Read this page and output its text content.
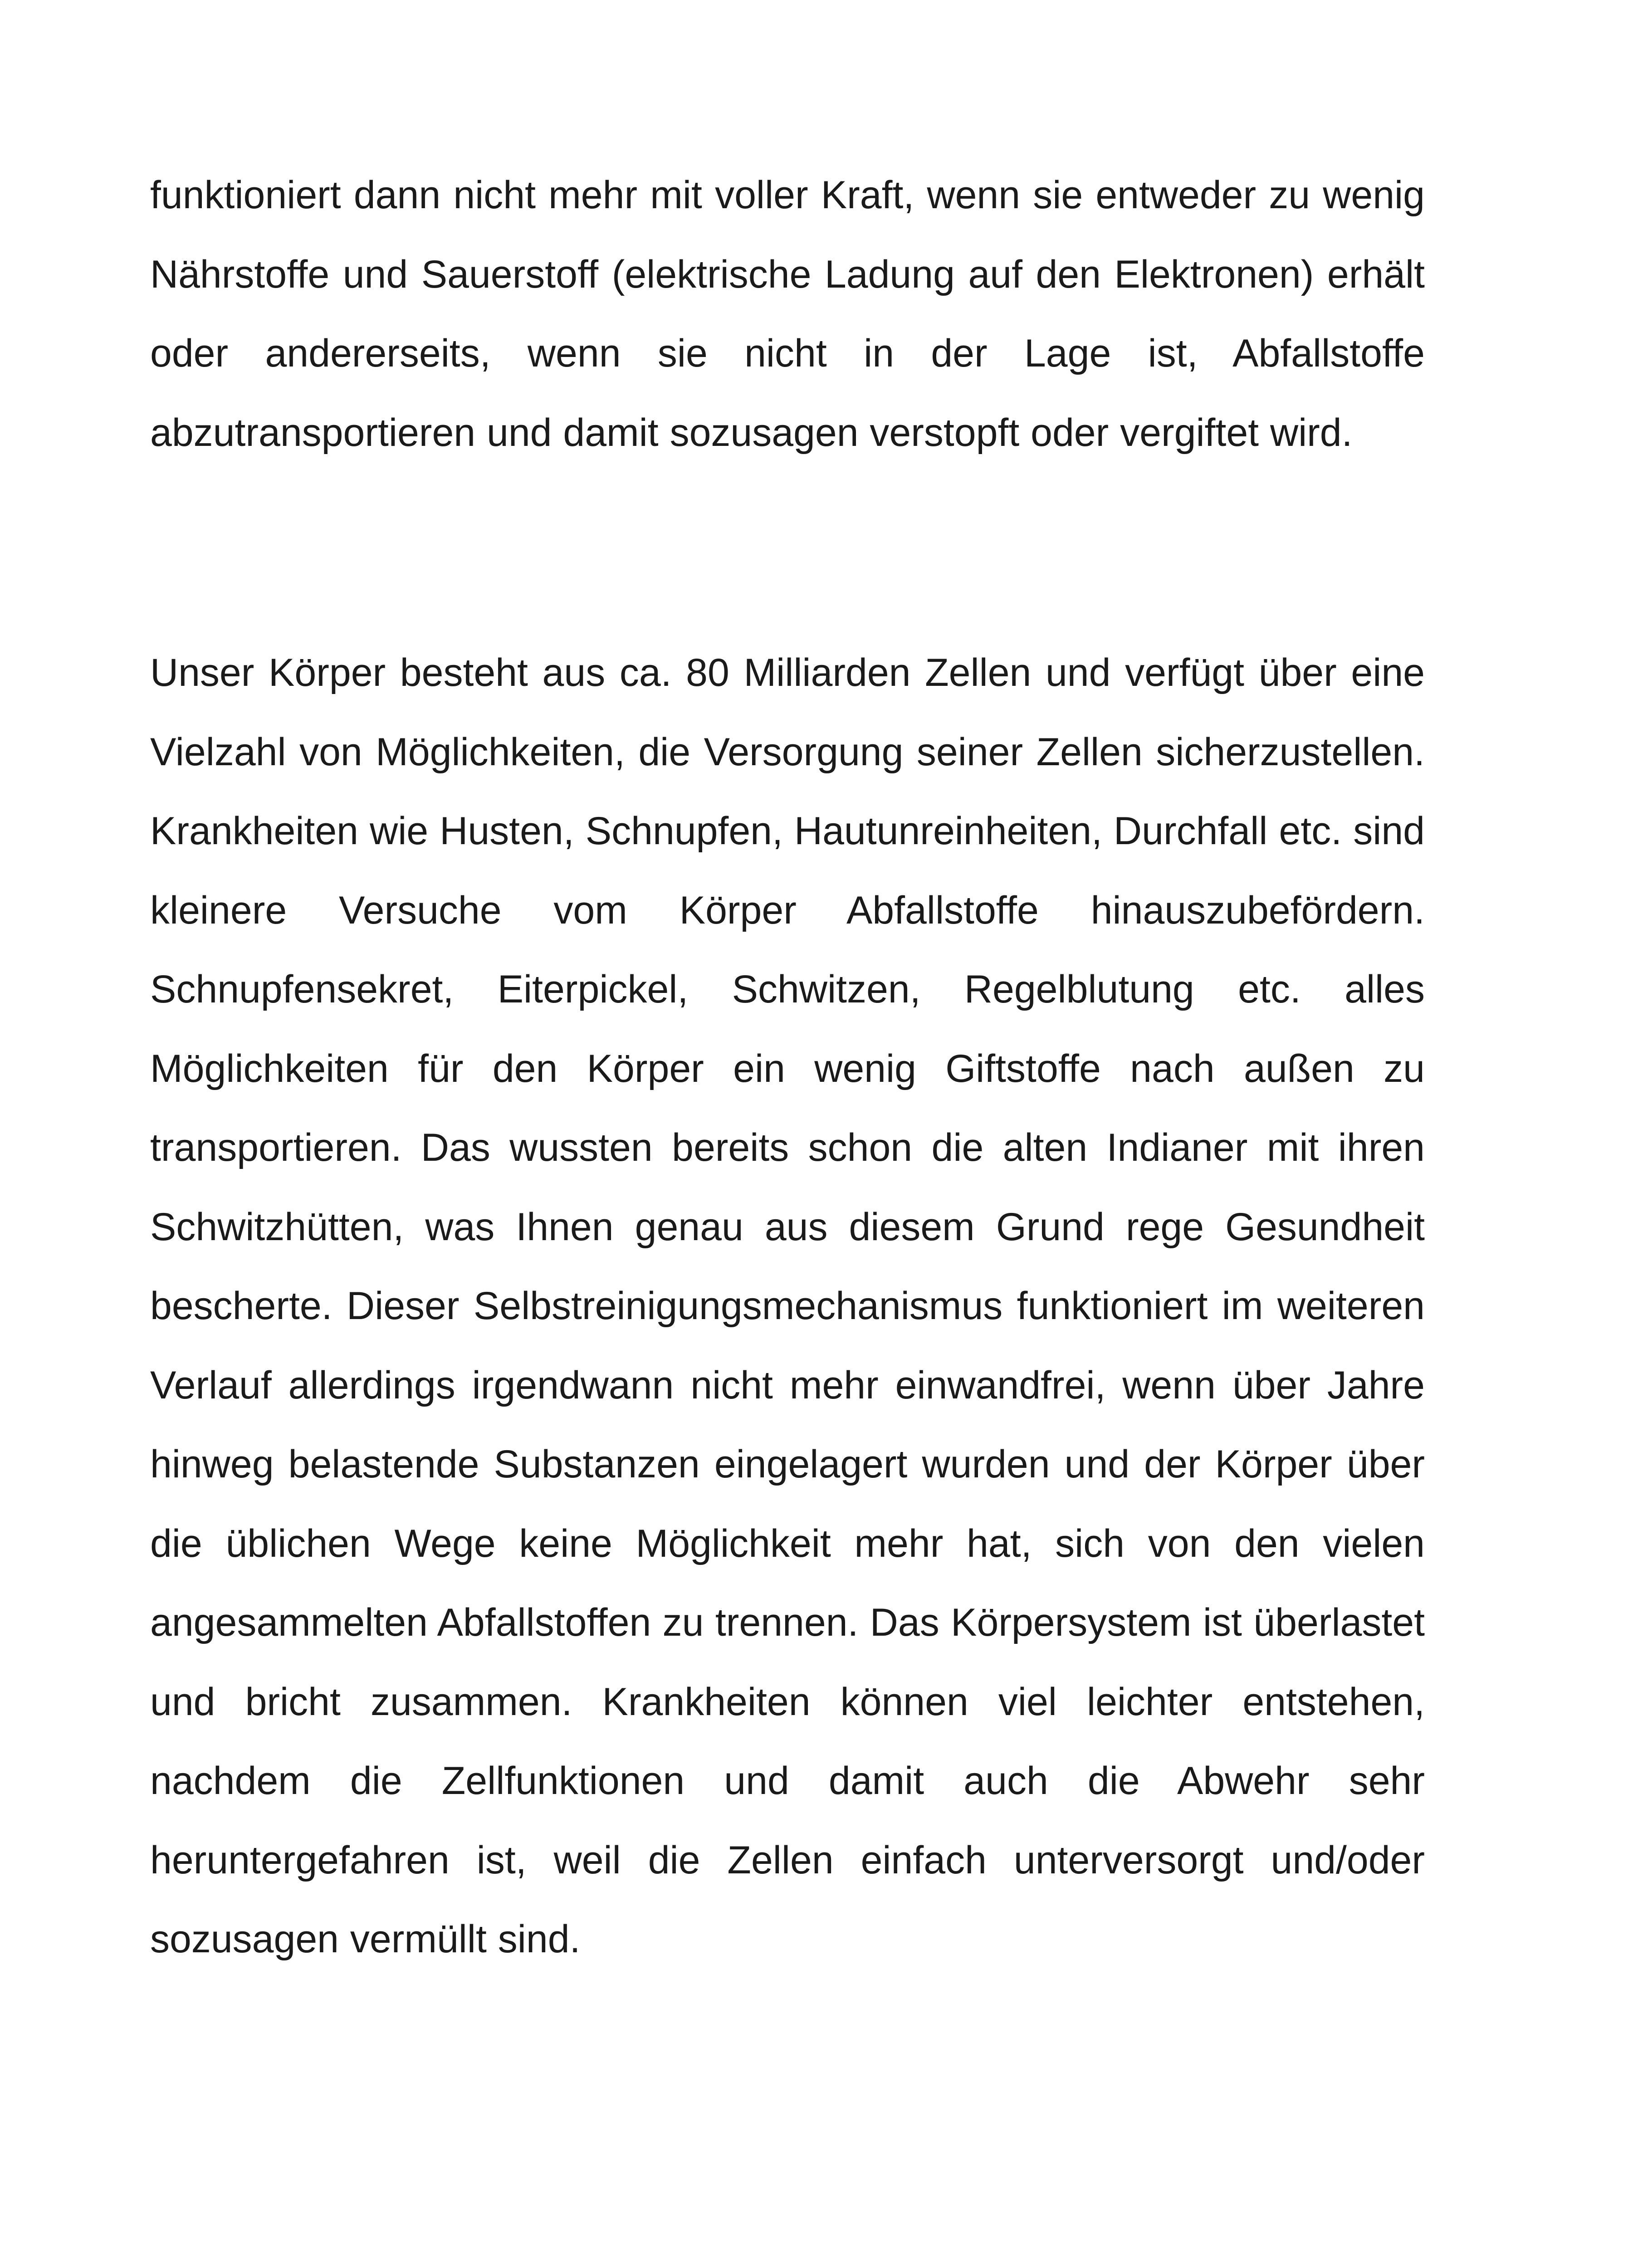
funktioniert dann nicht mehr mit voller Kraft, wenn sie entweder zu wenig Nährstoffe und Sauerstoff (elektrische Ladung auf den Elektronen) erhält oder andererseits, wenn sie nicht in der Lage ist, Abfallstoffe abzutransportieren und damit sozusagen verstopft oder vergiftet wird.

Unser Körper besteht aus ca. 80 Milliarden Zellen und verfügt über eine Vielzahl von Möglichkeiten, die Versorgung seiner Zellen sicherzustellen. Krankheiten wie Husten, Schnupfen, Hautunreinheiten, Durchfall etc. sind kleinere Versuche vom Körper Abfallstoffe hinauszubefördern. Schnupfensekret, Eiterpickel, Schwitzen, Regelblutung etc. alles Möglichkeiten für den Körper ein wenig Giftstoffe nach außen zu transportieren. Das wussten bereits schon die alten Indianer mit ihren Schwitzhütten, was Ihnen genau aus diesem Grund rege Gesundheit bescherte. Dieser Selbstreinigungsmechanismus funktioniert im weiteren Verlauf allerdings irgendwann nicht mehr einwandfrei, wenn über Jahre hinweg belastende Substanzen eingelagert wurden und der Körper über die üblichen Wege keine Möglichkeit mehr hat, sich von den vielen angesammelten Abfallstoffen zu trennen. Das Körpersystem ist überlastet und bricht zusammen. Krankheiten können viel leichter entstehen, nachdem die Zellfunktionen und damit auch die Abwehr sehr heruntergefahren ist, weil die Zellen einfach unterversorgt und/oder sozusagen vermüllt sind.
